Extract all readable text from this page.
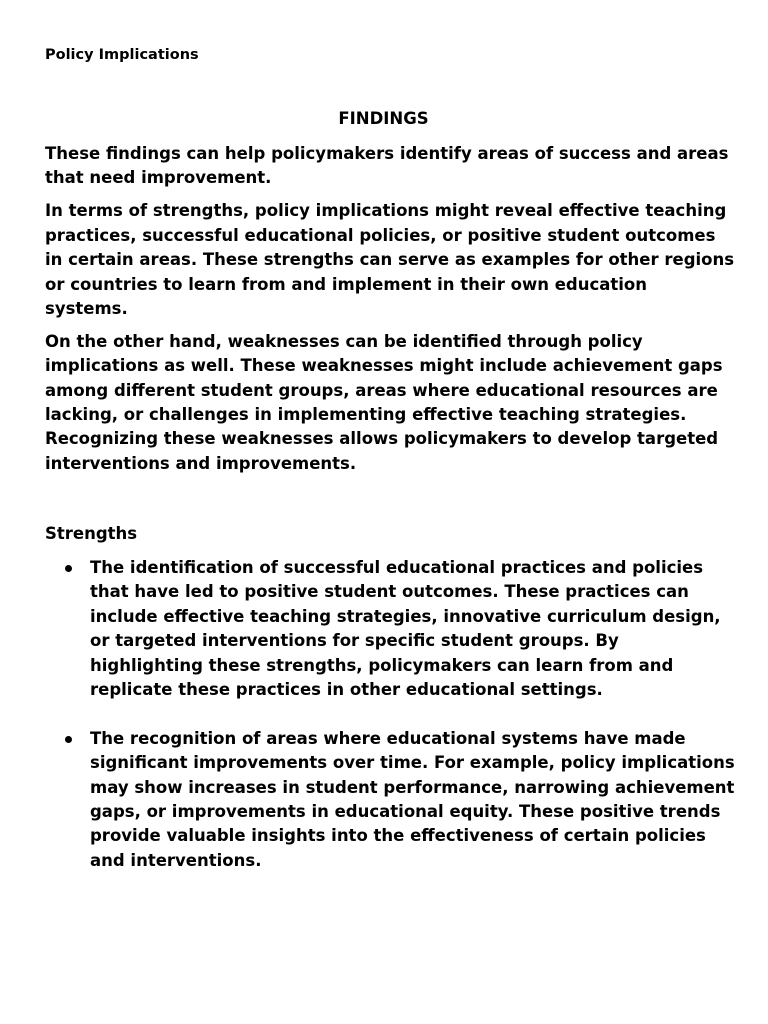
Policy Implications
FINDINGS

These findings can help policymakers identify areas of success and areas that need improvement.

In terms of strengths, policy implications might reveal effective teaching practices, successful educational policies, or positive student outcomes in certain areas. These strengths can serve as examples for other regions or countries to learn from and implement in their own education systems.

On the other hand, weaknesses can be identified through policy implications as well. These weaknesses might include achievement gaps among different student groups, areas where educational resources are lacking, or challenges in implementing effective teaching strategies. Recognizing these weaknesses allows policymakers to develop targeted interventions and improvements.

Strengths
The identification of successful educational practices and policies that have led to positive student outcomes. These practices can include effective teaching strategies, innovative curriculum design, or targeted interventions for specific student groups. By highlighting these strengths, policymakers can learn from and replicate these practices in other educational settings.
The recognition of areas where educational systems have made significant improvements over time. For example, policy implications may show increases in student performance, narrowing achievement gaps, or improvements in educational equity. These positive trends provide valuable insights into the effectiveness of certain policies and interventions.
